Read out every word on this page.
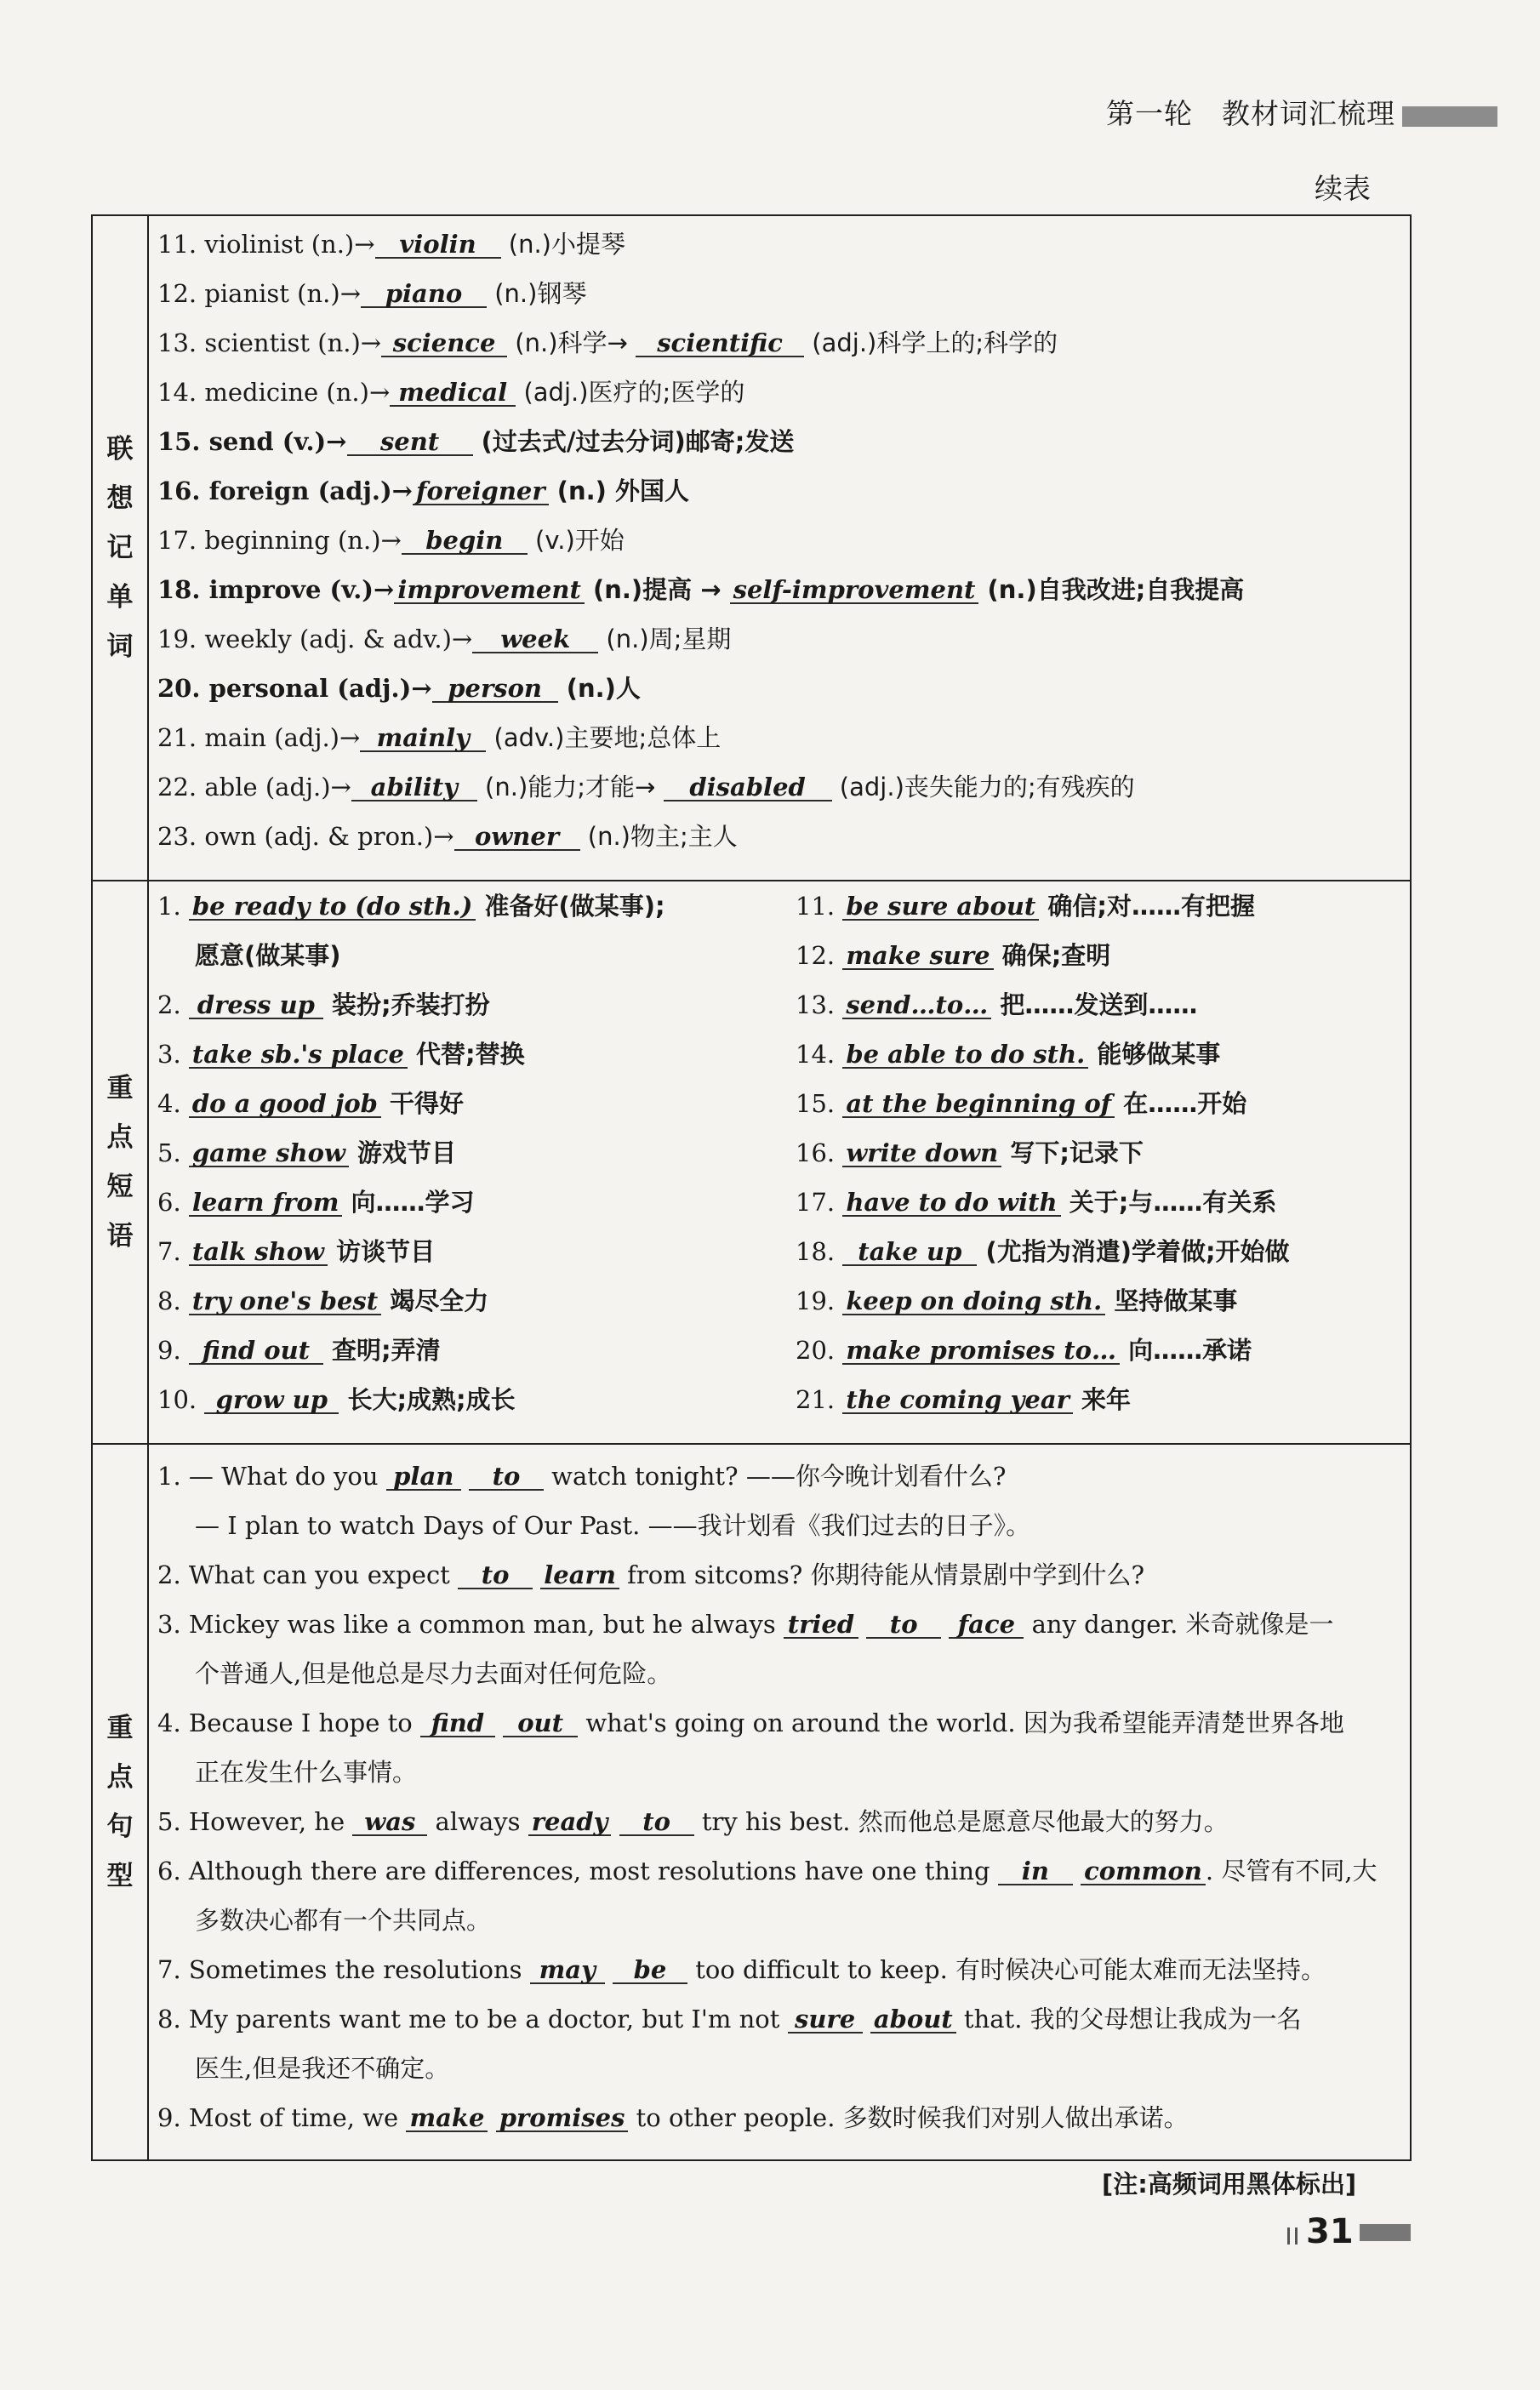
第一轮　教材词汇梳理
续表
联
想
记
单
词
11. violinist (n.)→ violin (n.)小提琴
12. pianist (n.)→ piano (n.)钢琴
13. scientist (n.)→ science (n.)科学→ scientific (adj.)科学上的;科学的
14. medicine (n.)→ medical (adj.)医疗的;医学的
15. send (v.)→ sent (过去式/过去分词)邮寄;发送
16. foreign (adj.)→ foreigner (n.) 外国人
17. beginning (n.)→ begin (v.)开始
18. improve (v.)→ improvement (n.)提高 → self-improvement (n.)自我改进;自我提高
19. weekly (adj. & adv.)→ week (n.)周;星期
20. personal (adj.)→ person (n.)人
21. main (adj.)→ mainly (adv.)主要地;总体上
22. able (adj.)→ ability (n.)能力;才能→ disabled (adj.)丧失能力的;有残疾的
23. own (adj. & pron.)→ owner (n.)物主;主人
重
点
短
语
1. be ready to (do sth.) 准备好(做某事);
愿意(做某事)
2. dress up 装扮;乔装打扮
3. take sb.'s place 代替;替换
4. do a good job 干得好
5. game show 游戏节目
6. learn from 向……学习
7. talk show 访谈节目
8. try one's best 竭尽全力
9. find out 查明;弄清
10. grow up 长大;成熟;成长
11. be sure about 确信;对……有把握
12. make sure 确保;查明
13. send…to… 把……发送到……
14. be able to do sth. 能够做某事
15. at the beginning of 在……开始
16. write down 写下;记录下
17. have to do with 关于;与……有关系
18. take up (尤指为消遣)学着做;开始做
19. keep on doing sth. 坚持做某事
20. make promises to… 向……承诺
21. the coming year 来年
重
点
句
型
1. — What do you plan to watch tonight? ——你今晚计划看什么?
— I plan to watch Days of Our Past. ——我计划看《我们过去的日子》。
2. What can you expect to learn from sitcoms? 你期待能从情景剧中学到什么?
3. Mickey was like a common man, but he always tried to face any danger. 米奇就像是一
个普通人,但是他总是尽力去面对任何危险。
4. Because I hope to find out what's going on around the world. 因为我希望能弄清楚世界各地
正在发生什么事情。
5. However, he was always ready to try his best. 然而他总是愿意尽他最大的努力。
6. Although there are differences, most resolutions have one thing in common . 尽管有不同,大
多数决心都有一个共同点。
7. Sometimes the resolutions may be too difficult to keep. 有时候决心可能太难而无法坚持。
8. My parents want me to be a doctor, but I'm not sure about that. 我的父母想让我成为一名
医生,但是我还不确定。
9. Most of time, we make promises to other people. 多数时候我们对别人做出承诺。
[注:高频词用黑体标出]
31
